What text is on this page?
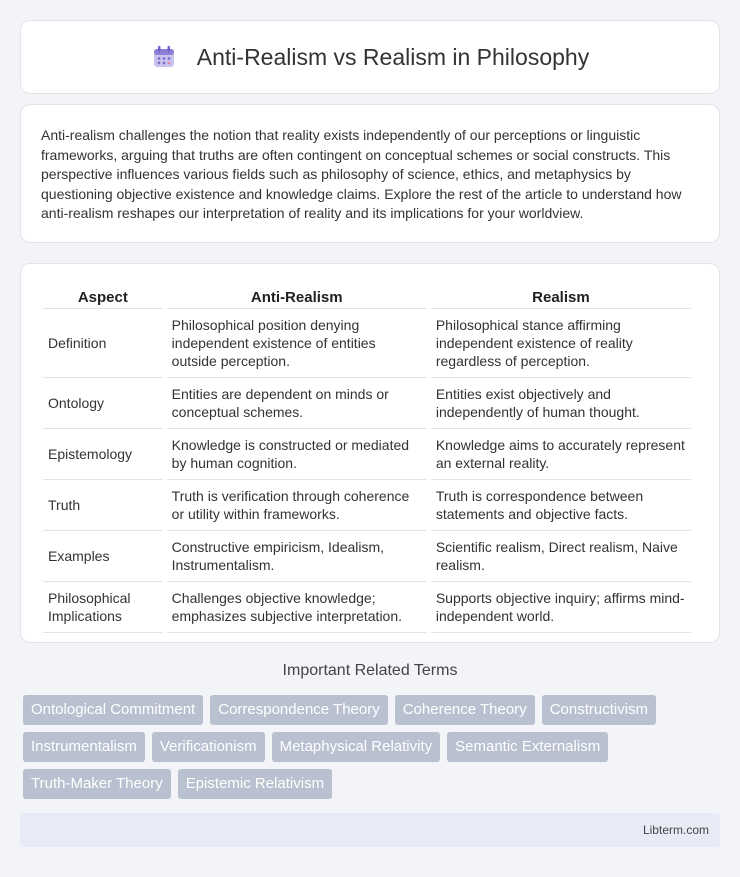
Anti-Realism vs Realism in Philosophy

Anti-realism challenges the notion that reality exists independently of our perceptions or linguistic frameworks, arguing that truths are often contingent on conceptual schemes or social constructs. This perspective influences various fields such as philosophy of science, ethics, and metaphysics by questioning objective existence and knowledge claims. Explore the rest of the article to understand how anti-realism reshapes our interpretation of reality and its implications for your worldview.

Aspect	Anti-Realism	Realism
Definition	Philosophical position denying independent existence of entities outside perception.	Philosophical stance affirming independent existence of reality regardless of perception.
Ontology	Entities are dependent on minds or conceptual schemes.	Entities exist objectively and independently of human thought.
Epistemology	Knowledge is constructed or mediated by human cognition.	Knowledge aims to accurately represent an external reality.
Truth	Truth is verification through coherence or utility within frameworks.	Truth is correspondence between statements and objective facts.
Examples	Constructive empiricism, Idealism, Instrumentalism.	Scientific realism, Direct realism, Naive realism.
Philosophical Implications	Challenges objective knowledge; emphasizes subjective interpretation.	Supports objective inquiry; affirms mind-independent world.
Important Related Terms
Ontological Commitment	Correspondence Theory	Coherence Theory	Constructivism
Instrumentalism	Verificationism	Metaphysical Relativity	Semantic Externalism
Truth-Maker Theory	Epistemic Relativism
Libterm.com
